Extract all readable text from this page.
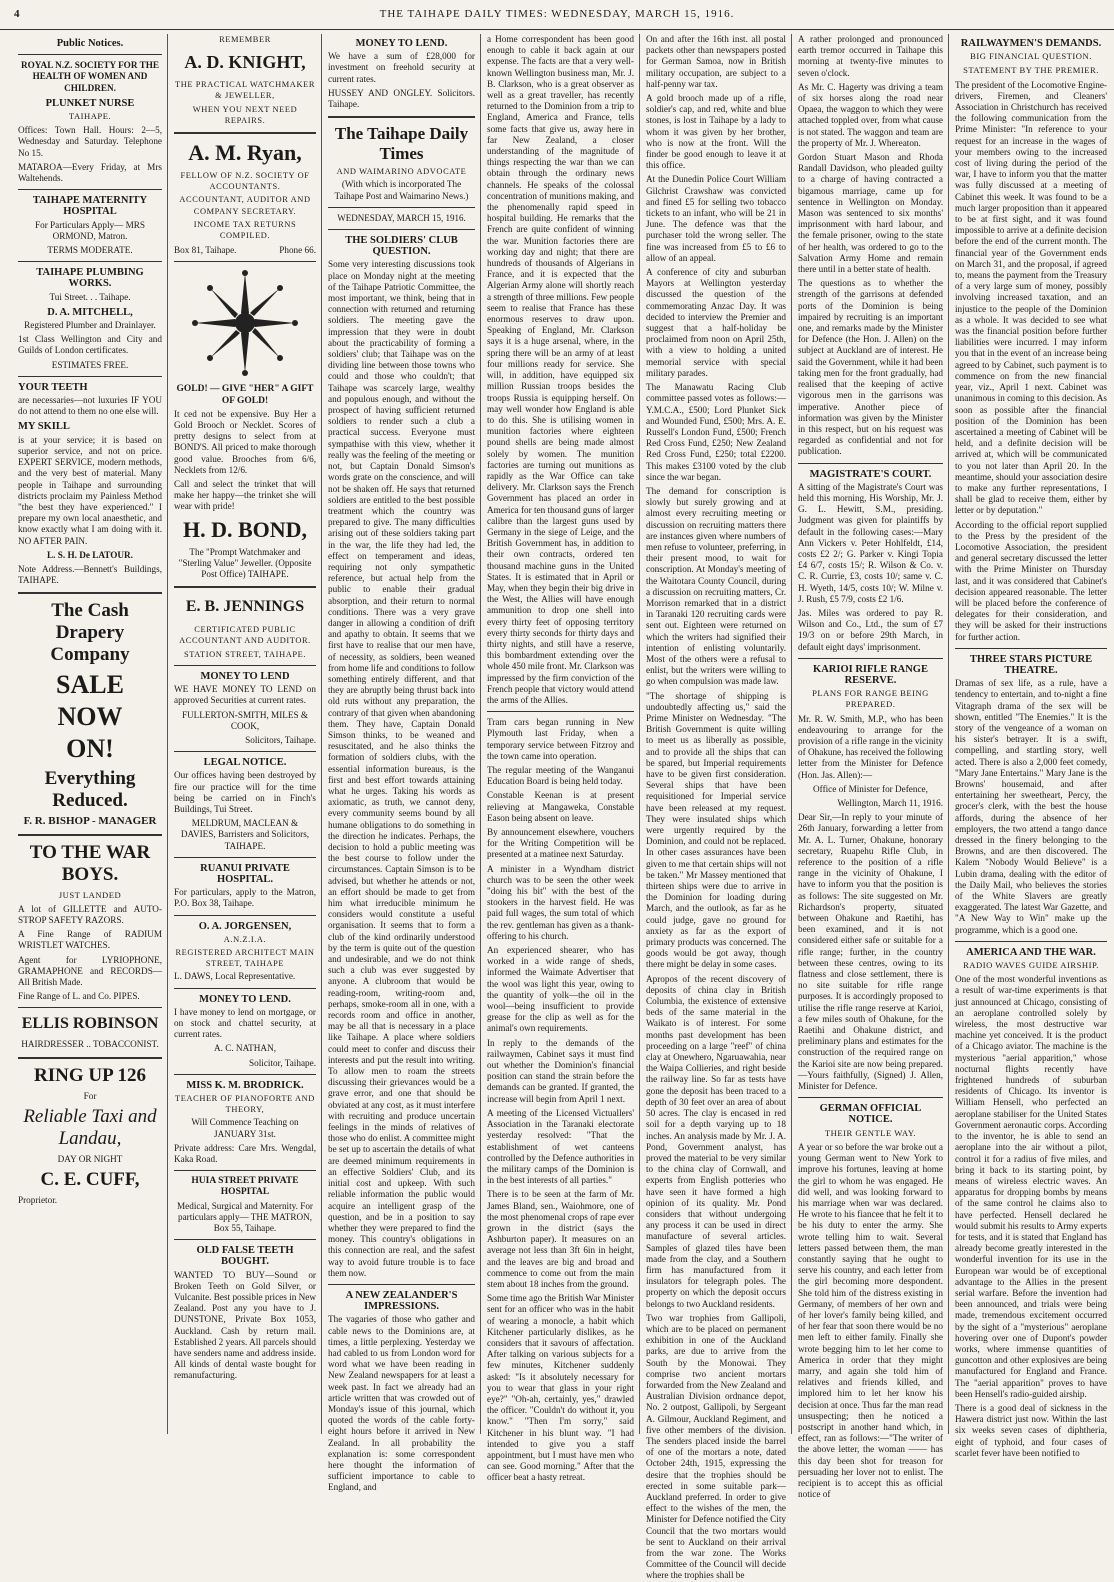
4	THE TAIHAPE DAILY TIMES: WEDNESDAY, MARCH 15, 1916.
Public Notices.

ROYAL N.Z. SOCIETY FOR THE HEALTH OF WOMEN AND CHILDREN.

PLUNKET NURSE
TAIHAPE.

Offices: Town Hall. Hours: 2—5, Wednesday and Saturday. Telephone No 15.

MATAROA—Every Friday, at Mrs Waltehends.

TAIHAPE MATERNITY HOSPITAL

For Particulars Apply— MRS ORMOND, Matron.

TERMS MODERATE.

TAIHAPE PLUMBING WORKS.

Tui Street. . . Taihape.

D. A. MITCHELL,

Registered Plumber and Drainlayer.

1st Class Wellington and City and Guilds of London certificates.

ESTIMATES FREE.

YOUR TEETH

are necessaries—not luxuries IF YOU do not attend to them no one else will.

MY SKILL

is at your service; it is based on superior service, and not on price. EXPERT SERVICE, modern methods, and the very best of material. Many people in Taihape and surrounding districts proclaim my Painless Method "the best they have experienced." I prepare my own local anaesthetic, and know exactly what I am doing with it. NO AFTER PAIN.

L. S. H. De LATOUR.

Note Address.—Bennett's Buildings, TAIHAPE.

The Cash Drapery Company
SALE
NOW
ON!
Everything Reduced.

F. R. BISHOP - MANAGER

TO THE WAR BOYS.
JUST LANDED

A lot of GILLETTE and AUTO-STROP SAFETY RAZORS.

A Fine Range of RADIUM WRISTLET WATCHES.

Agent for LYRIOPHONE, GRAMAPHONE and RECORDS—All British Made.

Fine Range of L. and Co. PIPES.

ELLIS ROBINSON

HAIRDRESSER .. TOBACCONIST.

RING UP 126

For

Reliable Taxi and Landau,

DAY OR NIGHT

C. E. CUFF,

Proprietor.

REMEMBER
A. D. KNIGHT,
THE PRACTICAL WATCHMAKER & JEWELLER,
WHEN YOU NEXT NEED REPAIRS.
A. M. Ryan,
FELLOW OF N.Z. SOCIETY OF ACCOUNTANTS.
ACCOUNTANT, AUDITOR AND COMPANY SECRETARY.
INCOME TAX RETURNS COMPILED.

Box 81, Taihape.	Phone 66.

GOLD! — GIVE "HER" A GIFT OF GOLD!

It ced not be expensive. Buy Her a Gold Brooch or Necklet. Scores of pretty designs to select from at BOND'S. All priced to make thorough good value. Brooches from 6/6, Necklets from 12/6.

Call and select the trinket that will make her happy—the trinket she will wear with pride!

H. D. BOND,

The "Prompt Watchmaker and "Sterling Value" Jeweller. (Opposite Post Office) TAIHAPE.

E. B. JENNINGS
CERTIFICATED PUBLIC ACCOUNTANT AND AUDITOR.
STATION STREET, TAIHAPE.
MONEY TO LEND

WE HAVE MONEY TO LEND on approved Securities at current rates.

FULLERTON-SMITH, MILES & COOK,

Solicitors, Taihape.

LEGAL NOTICE.

Our offices having been destroyed by fire our practice will for the time being be carried on in Finch's Buildings, Tui Street.

MELDRUM, MACLEAN & DAVIES, Barristers and Solicitors, TAIHAPE.

RUANUI PRIVATE HOSPITAL.

For particulars, apply to the Matron, P.O. Box 38, Taihape.

O. A. JORGENSEN,
A.N.Z.I.A.
REGISTERED ARCHITECT MAIN STREET, TAIHAPE

L. DAWS, Local Representative.

MONEY TO LEND.

I have money to lend on mortgage, or on stock and chattel security, at current rates.

A. C. NATHAN,

Solicitor, Taihape.

MISS K. M. BRODRICK.
TEACHER OF PIANOFORTE AND THEORY,

Will Commence Teaching on JANUARY 31st.

Private address: Care Mrs. Wengdal, Kaka Road.

HUIA STREET PRIVATE HOSPITAL

Medical, Surgical and Maternity. For particulars apply— THE MATRON, Box 55, Taihape.

OLD FALSE TEETH BOUGHT.

WANTED TO BUY—Sound or Broken Teeth on Gold Silver, or Vulcanite. Best possible prices in New Zealand. Post any you have to J. DUNSTONE, Private Box 1053, Auckland. Cash by return mail. Established 2 years. All parcels should have senders name and address inside. All kinds of dental waste bought for remanufacturing.

MONEY TO LEND.

We have a sum of £28,000 for investment on freehold security at current rates.

HUSSEY AND ONGLEY. Solicitors. Taihape.

The Taihape Daily Times
AND WAIMARINO ADVOCATE

(With which is incorporated The Taihape Post and Waimarino News.)

WEDNESDAY, MARCH 15, 1916.
THE SOLDIERS' CLUB QUESTION.

Some very interesting discussions took place on Monday night at the meeting of the Taihape Patriotic Committee, the most important, we think, being that in connection with returned and returning soldiers. The meeting gave the impression that they were in doubt about the practicability of forming a soldiers' club; that Taihape was on the dividing line between those towns who could and those who couldn't; that Taihape was scarcely large, wealthy and populous enough, and without the prospect of having sufficient returned soldiers to render such a club a practical success. Everyone must sympathise with this view, whether it really was the feeling of the meeting or not, but Captain Donald Simson's words grate on the conscience, and will not be shaken off. He says that returned soldiers are entitled to the best possible treatment which the country was prepared to give. The many difficulties arising out of these soldiers taking part in the war, the life they had led, the effect on temperament and ideas, requiring not only sympathetic reference, but actual help from the public to enable their gradual absorption, and their return to normal conditions. There was a very grave danger in allowing a condition of drift and apathy to obtain. It seems that we first have to realise that our men have, of necessity, as soldiers, been weaned from home life and conditions to follow something entirely different, and that they are abruptly being thrust back into old ruts without any preparation, the contrary of that given when abandoning them. They have, Captain Donald Simson thinks, to be weaned and resuscitated, and he also thinks the formation of soldiers clubs, with the essential information bureaus, is the first and best effort towards attaining what he urges. Taking his words as axiomatic, as truth, we cannot deny, every community seems bound by all humane obligations to do something in the direction he indicates. Perhaps, the decision to hold a public meeting was the best course to follow under the circumstances. Captain Simson is to be advised, but whether he attends or not, an effort should be made to get from him what irreducible minimum he considers would constitute a useful organisation. It seems that to form a club of the kind ordinarily understood by the term is quite out of the question and undesirable, and we do not think such a club was ever suggested by anyone. A clubroom that would be reading-room, writing-room and, perhaps, smoke-room all in one, with a records room and office in another, may be all that is necessary in a place like Taihape. A place where soldiers could meet to confer and discuss their interests and put the result into writing. To allow men to roam the streets discussing their grievances would be a grave error, and one that should be obviated at any cost, as it must interfere with recruiting and produce uncertain feelings in the minds of relatives of those who do enlist. A committee might be set up to ascertain the details of what are deemed minimum requirements in an effective Soldiers' Club, and its initial cost and upkeep. With such reliable information the public would acquire an intelligent grasp of the question, and be in a position to say whether they were prepared to find the money. This country's obligations in this connection are real, and the safest way to avoid future trouble is to face them now.

A NEW ZEALANDER'S IMPRESSIONS.

The vagaries of those who gather and cable news to the Dominions are, at times, a little perplexing. Yesterday we had cabled to us from London word for word what we have been reading in New Zealand newspapers for at least a week past. In fact we already had an article written that was crowded out of Monday's issue of this journal, which quoted the words of the cable forty-eight hours before it arrived in New Zealand. In all probability the explanation is: some correspondent here thought the information of sufficient importance to cable to England, and

a Home correspondent has been good enough to cable it back again at our expense. The facts are that a very well-known Wellington business man, Mr. J. B. Clarkson, who is a great observer as well as a great traveller, has recently returned to the Dominion from a trip to England, America and France, tells some facts that give us, away here in far New Zealand, a closer understanding of the magnitude of things respecting the war than we can obtain through the ordinary news channels. He speaks of the colossal concentration of munitions making, and the phenomenally rapid speed in hospital building. He remarks that the French are quite confident of winning the war. Munition factories there are working day and night; that there are hundreds of thousands of Algerians in France, and it is expected that the Algerian Army alone will shortly reach a strength of three millions. Few people seem to realise that France has these enormous reserves to draw upon. Speaking of England, Mr. Clarkson says it is a huge arsenal, where, in the spring there will be an army of at least four millions ready for service. She will, in addition, have equipped six million Russian troops besides the troops Russia is equipping herself. On may well wonder how England is able to do this. She is utilising women in munition factories where eighteen pound shells are being made almost solely by women. The munition factories are turning out munitions as rapidly as the War Office can take delivery. Mr. Clarkson says the French Government has placed an order in America for ten thousand guns of larger calibre than the largest guns used by Germany in the siege of Leige, and the British Government has, in addition to their own contracts, ordered ten thousand machine guns in the United States. It is estimated that in April or May, when they begin their big drive in the West, the Allies will have enough ammunition to drop one shell into every thirty feet of opposing territory every thirty seconds for thirty days and thirty nights, and still have a reserve, this bombardment extending over the whole 450 mile front. Mr. Clarkson was impressed by the firm conviction of the French people that victory would attend the arms of the Allies.

Tram cars began running in New Plymouth last Friday, when a temporary service between Fitzroy and the town came into operation.

The regular meeting of the Wanganui Education Board is being held today.

Constable Keenan is at present relieving at Mangaweka, Constable Eason being absent on leave.

By announcement elsewhere, vouchers for the Writing Competition will be presented at a matinee next Saturday.

A minister in a Wyndham district church was to be seen the other week "doing his bit" with the best of the stookers in the harvest field. He was paid full wages, the sum total of which the rev. gentleman has given as a thank-offering to his church.

An experienced shearer, who has worked in a wide range of sheds, informed the Waimate Advertiser that the wool was light this year, owing to the quantity of yolk—the oil in the wool—being insufficient to provide grease for the clip as well as for the animal's own requirements.

In reply to the demands of the railwaymen, Cabinet says it must find out whether the Dominion's financial position can stand the strain before the demands can be granted. If granted, the increase will begin from April 1 next.

A meeting of the Licensed Victuallers' Association in the Taranaki electorate yesterday resolved: "That the establishment of wet canteens controlled by the Defence authorities in the military camps of the Dominion is in the best interests of all parties."

There is to be seen at the farm of Mr. James Bland, sen., Waiohmore, one of the most phenomenal crops of rape ever grown in the district (says the Ashburton paper). It measures on an average not less than 3ft 6in in height, and the leaves are big and broad and commence to come out from the main stem about 18 inches from the ground.

Some time ago the British War Minister sent for an officer who was in the habit of wearing a monocle, a habit which Kitchener particularly dislikes, as he considers that it savours of affectation. After talking on various subjects for a few minutes, Kitchener suddenly asked: "Is it absolutely necessary for you to wear that glass in your right eye?" "Oh-ah, certainly, yes," drawled the officer. "Couldn't do without it, you know." "Then I'm sorry," said Kitchener in his blunt way. "I had intended to give you a staff appointment, but I must have men who can see. Good morning." After that the officer beat a hasty retreat.

On and after the 16th inst. all postal packets other than newspapers posted for German Samoa, now in British military occupation, are subject to a half-penny war tax.

A gold brooch made up of a rifle, soldier's cap, and red, white and blue stones, is lost in Taihape by a lady to whom it was given by her brother, who is now at the front. Will the finder be good enough to leave it at this office.

At the Dunedin Police Court William Gilchrist Crawshaw was convicted and fined £5 for selling two tobacco tickets to an infant, who will be 21 in June. The defence was that the purchaser told the wrong seller. The fine was increased from £5 to £6 to allow of an appeal.

A conference of city and suburban Mayors at Wellington yesterday discussed the question of the commemorating Anzac Day. It was decided to interview the Premier and suggest that a half-holiday be proclaimed from noon on April 25th, with a view to holding a united memorial service with special military parades.

The Manawatu Racing Club committee passed votes as follows:—Y.M.C.A., £500; Lord Plunket Sick and Wounded Fund, £500; Mrs. A. E. Russell's London Fund, £500; French Red Cross Fund, £250; New Zealand Red Cross Fund, £250; total £2200. This makes £3100 voted by the club since the war began.

The demand for conscription is slowly but surely growing and at almost every recruiting meeting or discussion on recruiting matters there are instances given where numbers of men refuse to volunteer, preferring, in their present mood, to wait for conscription. At Monday's meeting of the Waitotara County Council, during a discussion on recruiting matters, Cr. Morrison remarked that in a district in Taranaki 120 recruiting cards were sent out. Eighteen were returned on which the writers had signified their intention of enlisting voluntarily. Most of the others were a refusal to enlist, but the writers were willing to go when compulsion was made law.

"The shortage of shipping is undoubtedly affecting us," said the Prime Minister on Wednesday. "The British Government is quite willing to meet us as liberally as possible, and to provide all the ships that can be spared, but Imperial requirements have to be given first consideration. Several ships that have been requisitioned for Imperial service have been released at my request. They were insulated ships which were urgently required by the Dominion, and could not be replaced. In other cases assurances have been given to me that certain ships will not be taken." Mr Massey mentioned that thirteen ships were due to arrive in the Dominion for loading during March, and the outlook, as far as he could judge, gave no ground for anxiety as far as the export of primary products was concerned. The goods would be got away, though there might be delay in some cases.

Apropos of the recent discovery of deposits of china clay in British Columbia, the existence of extensive beds of the same material in the Waikato is of interest. For some months past development has been proceeding on a large "reef" of china clay at Onewhero, Ngaruawahia, near the Waipa Collieries, and right beside the railway line. So far as tests have gone the deposit has been traced to a depth of 30 feet over an area of about 50 acres. The clay is encased in red soil for a depth varying up to 18 inches. An analysis made by Mr. J. A. Pond, Government analyst, has proved the material to be very similar to the china clay of Cornwall, and experts from English potteries who have seen it have formed a high opinion of its quality. Mr. Pond considers that without undergoing any process it can be used in direct manufacture of several articles. Samples of glazed tiles have been made from the clay, and a Southern firm has manufactured from it insulators for telegraph poles. The property on which the deposit occurs belongs to two Auckland residents.

Two war trophies from Gallipoli, which are to be placed on permanent exhibition in one of the Auckland parks, are due to arrive from the South by the Monowai. They comprise two ancient mortars forwarded from the New Zealand and Australian Division ordnance depot, No. 2 outpost, Gallipoli, by Sergeant A. Gilmour, Auckland Regiment, and five other members of the division. The senders placed inside the barrel of one of the mortars a note, dated October 24th, 1915, expressing the desire that the trophies should be erected in some suitable park—Auckland preferred. In order to give effect to the wishes of the men, the Minister for Defence notified the City Council that the two mortars would be sent to Auckland on their arrival from the war zone. The Works Committee of the Council will decide where the trophies shall be

A rather prolonged and pronounced earth tremor occurred in Taihape this morning at twenty-five minutes to seven o'clock.

As Mr. C. Hagerty was driving a team of six horses along the road near Opaea, the waggon to which they were attached toppled over, from what cause is not stated. The waggon and team are the property of Mr. J. Whereaton.

Gordon Stuart Mason and Rhoda Randall Davidson, who pleaded guilty to a charge of having contracted a bigamous marriage, came up for sentence in Wellington on Monday. Mason was sentenced to six months' imprisonment with hard labour, and the female prisoner, owing to the state of her health, was ordered to go to the Salvation Army Home and remain there until in a better state of health.

The questions as to whether the strength of the garrisons at defended ports of the Dominion is being impaired by recruiting is an important one, and remarks made by the Minister for Defence (the Hon. J. Allen) on the subject at Auckland are of interest. He said the Government, while it had been taking men for the front gradually, had realised that the keeping of active vigorous men in the garrisons was imperative. Another piece of information was given by the Minister in this respect, but on his request was regarded as confidential and not for publication.

MAGISTRATE'S COURT.

A sitting of the Magistrate's Court was held this morning, His Worship, Mr. J. G. L. Hewitt, S.M., presiding. Judgment was given for plaintiffs by default in the following cases:—Mary Ann Vickers v. Peter Hohlfeldt, £14, costs £2 2/; G. Parker v. Kingi Topia £4 6/7, costs 15/; R. Wilson & Co. v. C. R. Currie, £3, costs 10/; same v. C. H. Wyeth, 14/5, costs 10/; W. Milne v. J. Rush, £5 7/9, costs £2 1/6.

Jas. Miles was ordered to pay R. Wilson and Co., Ltd., the sum of £7 19/3 on or before 29th March, in default eight days' imprisonment.

KARIOI RIFLE RANGE RESERVE.
PLANS FOR RANGE BEING PREPARED.

Mr. R. W. Smith, M.P., who has been endeavouring to arrange for the provision of a rifle range in the vicinity of Ohakune, has received the following letter from the Minister for Defence (Hon. Jas. Allen):—

Office of Minister for Defence,

Wellington, March 11, 1916.

Dear Sir,—In reply to your minute of 26th January, forwarding a letter from Mr. A. L. Turner, Ohakune, honorary secretary, Ruapehu Rifle Club, in reference to the position of a rifle range in the vicinity of Ohakune, I have to inform you that the position is as follows: The site suggested on Mr. Richardson's property, situated between Ohakune and Raetihi, has been examined, and it is not considered either safe or suitable for a rifle range; further, in the country between these centres, owing to its flatness and close settlement, there is no site suitable for rifle range purposes. It is accordingly proposed to utilise the rifle range reserve at Karioi, a few miles south of Ohakune, for the Raetihi and Ohakune district, and preliminary plans and estimates for the construction of the required range on the Karioi site are now being prepared.—Yours faithfully, (Signed) J. Allen, Minister for Defence.

GERMAN OFFICIAL NOTICE.
THEIR GENTLE WAY.

A year or so before the war broke out a young German went to New York to improve his fortunes, leaving at home the girl to whom he was engaged. He did well, and was looking forward to his marriage when war was declared. He wrote to his fiancee that he felt it to be his duty to enter the army. She wrote telling him to wait. Several letters passed between them, the man constantly saying that he ought to serve his country, and each letter from the girl becoming more despondent. She told him of the distress existing in Germany, of members of her own and of her lover's family being killed, and of her fear that soon there would be no men left to either family. Finally she wrote begging him to let her come to America in order that they might marry, and again she told him of relatives and friends killed, and implored him to let her know his decision at once. Thus far the man read unsuspecting; then he noticed a postscript in another hand which, in effect, ran as follows:—"The writer of the above letter, the woman —— has this day been shot for treason for persuading her lover not to enlist. The recipient is to accept this as official notice of

RAILWAYMEN'S DEMANDS.
BIG FINANCIAL QUESTION.
STATEMENT BY THE PREMIER.

The president of the Locomotive Engine-drivers, Firemen, and Cleaners' Association in Christchurch has received the following communication from the Prime Minister: "In reference to your request for an increase in the wages of your members owing to the increased cost of living during the period of the war, I have to inform you that the matter was fully discussed at a meeting of Cabinet this week. It was found to be a much larger proposition than it appeared to be at first sight, and it was found impossible to arrive at a definite decision before the end of the current month. The financial year of the Government ends on March 31, and the proposal, if agreed to, means the payment from the Treasury of a very large sum of money, possibly involving increased taxation, and an injustice to the people of the Dominion as a whole. It was decided to see what was the financial position before further liabilities were incurred. I may inform you that in the event of an increase being agreed to by Cabinet, such payment is to commence on from the new financial year, viz., April 1 next. Cabinet was unanimous in coming to this decision. As soon as possible after the financial position of the Dominion has been ascertained a meeting of Cabinet will be held, and a definite decision will be arrived at, which will be communicated to you not later than April 20. In the meantime, should your association desire to make any further representations, I shall be glad to receive them, either by letter or by deputation."

According to the official report supplied to the Press by the president of the Locomotive Association, the president and general secretary discussed the letter with the Prime Minister on Thursday last, and it was considered that Cabinet's decision appeared reasonable. The letter will be placed before the conference of delegates for their consideration, and they will be asked for their instructions for further action.

THREE STARS PICTURE THEATRE.

Dramas of sex life, as a rule, have a tendency to entertain, and to-night a fine Vitagraph drama of the sex will be shown, entitled "The Enemies." It is the story of the vengeance of a woman on his sister's betrayer. It is a swift, compelling, and startling story, well acted. There is also a 2,000 feet comedy, "Mary Jane Entertains." Mary Jane is the Browns' housemaid, and after entertaining her sweetheart, Percy, the grocer's clerk, with the best the house affords, during the absence of her employers, the two attend a tango dance dressed in the finery belonging to the Browns, and are then discovered. The Kalem "Nobody Would Believe" is a Lubin drama, dealing with the editor of the Daily Mail, who believes the stories of the White Slavers are greatly exaggerated. The latest War Gazette, and "A New Way to Win" make up the programme, which is a good one.

AMERICA AND THE WAR.
RADIO WAVES GUIDE AIRSHIP.

One of the most wonderful inventions as a result of war-time experiments is that just announced at Chicago, consisting of an aeroplane controlled solely by wireless, the most destructive war machine yet conceived. It is the product of a Chicago aviator. The machine is the mysterious "aerial apparition," whose nocturnal flights recently have frightened hundreds of suburban residents of Chicago. Its inventor is William Hensell, who perfected an aeroplane stabiliser for the United States Government aeronautic corps. According to the inventor, he is able to send an aeroplane into the air without a pilot, control it for a radius of five miles, and bring it back to its starting point, by means of wireless electric waves. An apparatus for dropping bombs by means of the same control he claims also to have perfected. Hensell declared he would submit his results to Army experts for tests, and it is stated that England has already become greatly interested in the wonderful invention for its use in the European war would be of exceptional advantage to the Allies in the present serial warfare. Before the invention had been announced, and trials were being made, tremendous excitement occurred by the sight of a "mysterious" aeroplane hovering over one of Dupont's powder works, where immense quantities of guncotton and other explosives are being manufactured for England and France. The "aerial apparition" proves to have been Hensell's radio-guided airship.

There is a good deal of sickness in the Hawera district just now. Within the last six weeks seven cases of diphtheria, eight of typhoid, and four cases of scarlet fever have been notified to
